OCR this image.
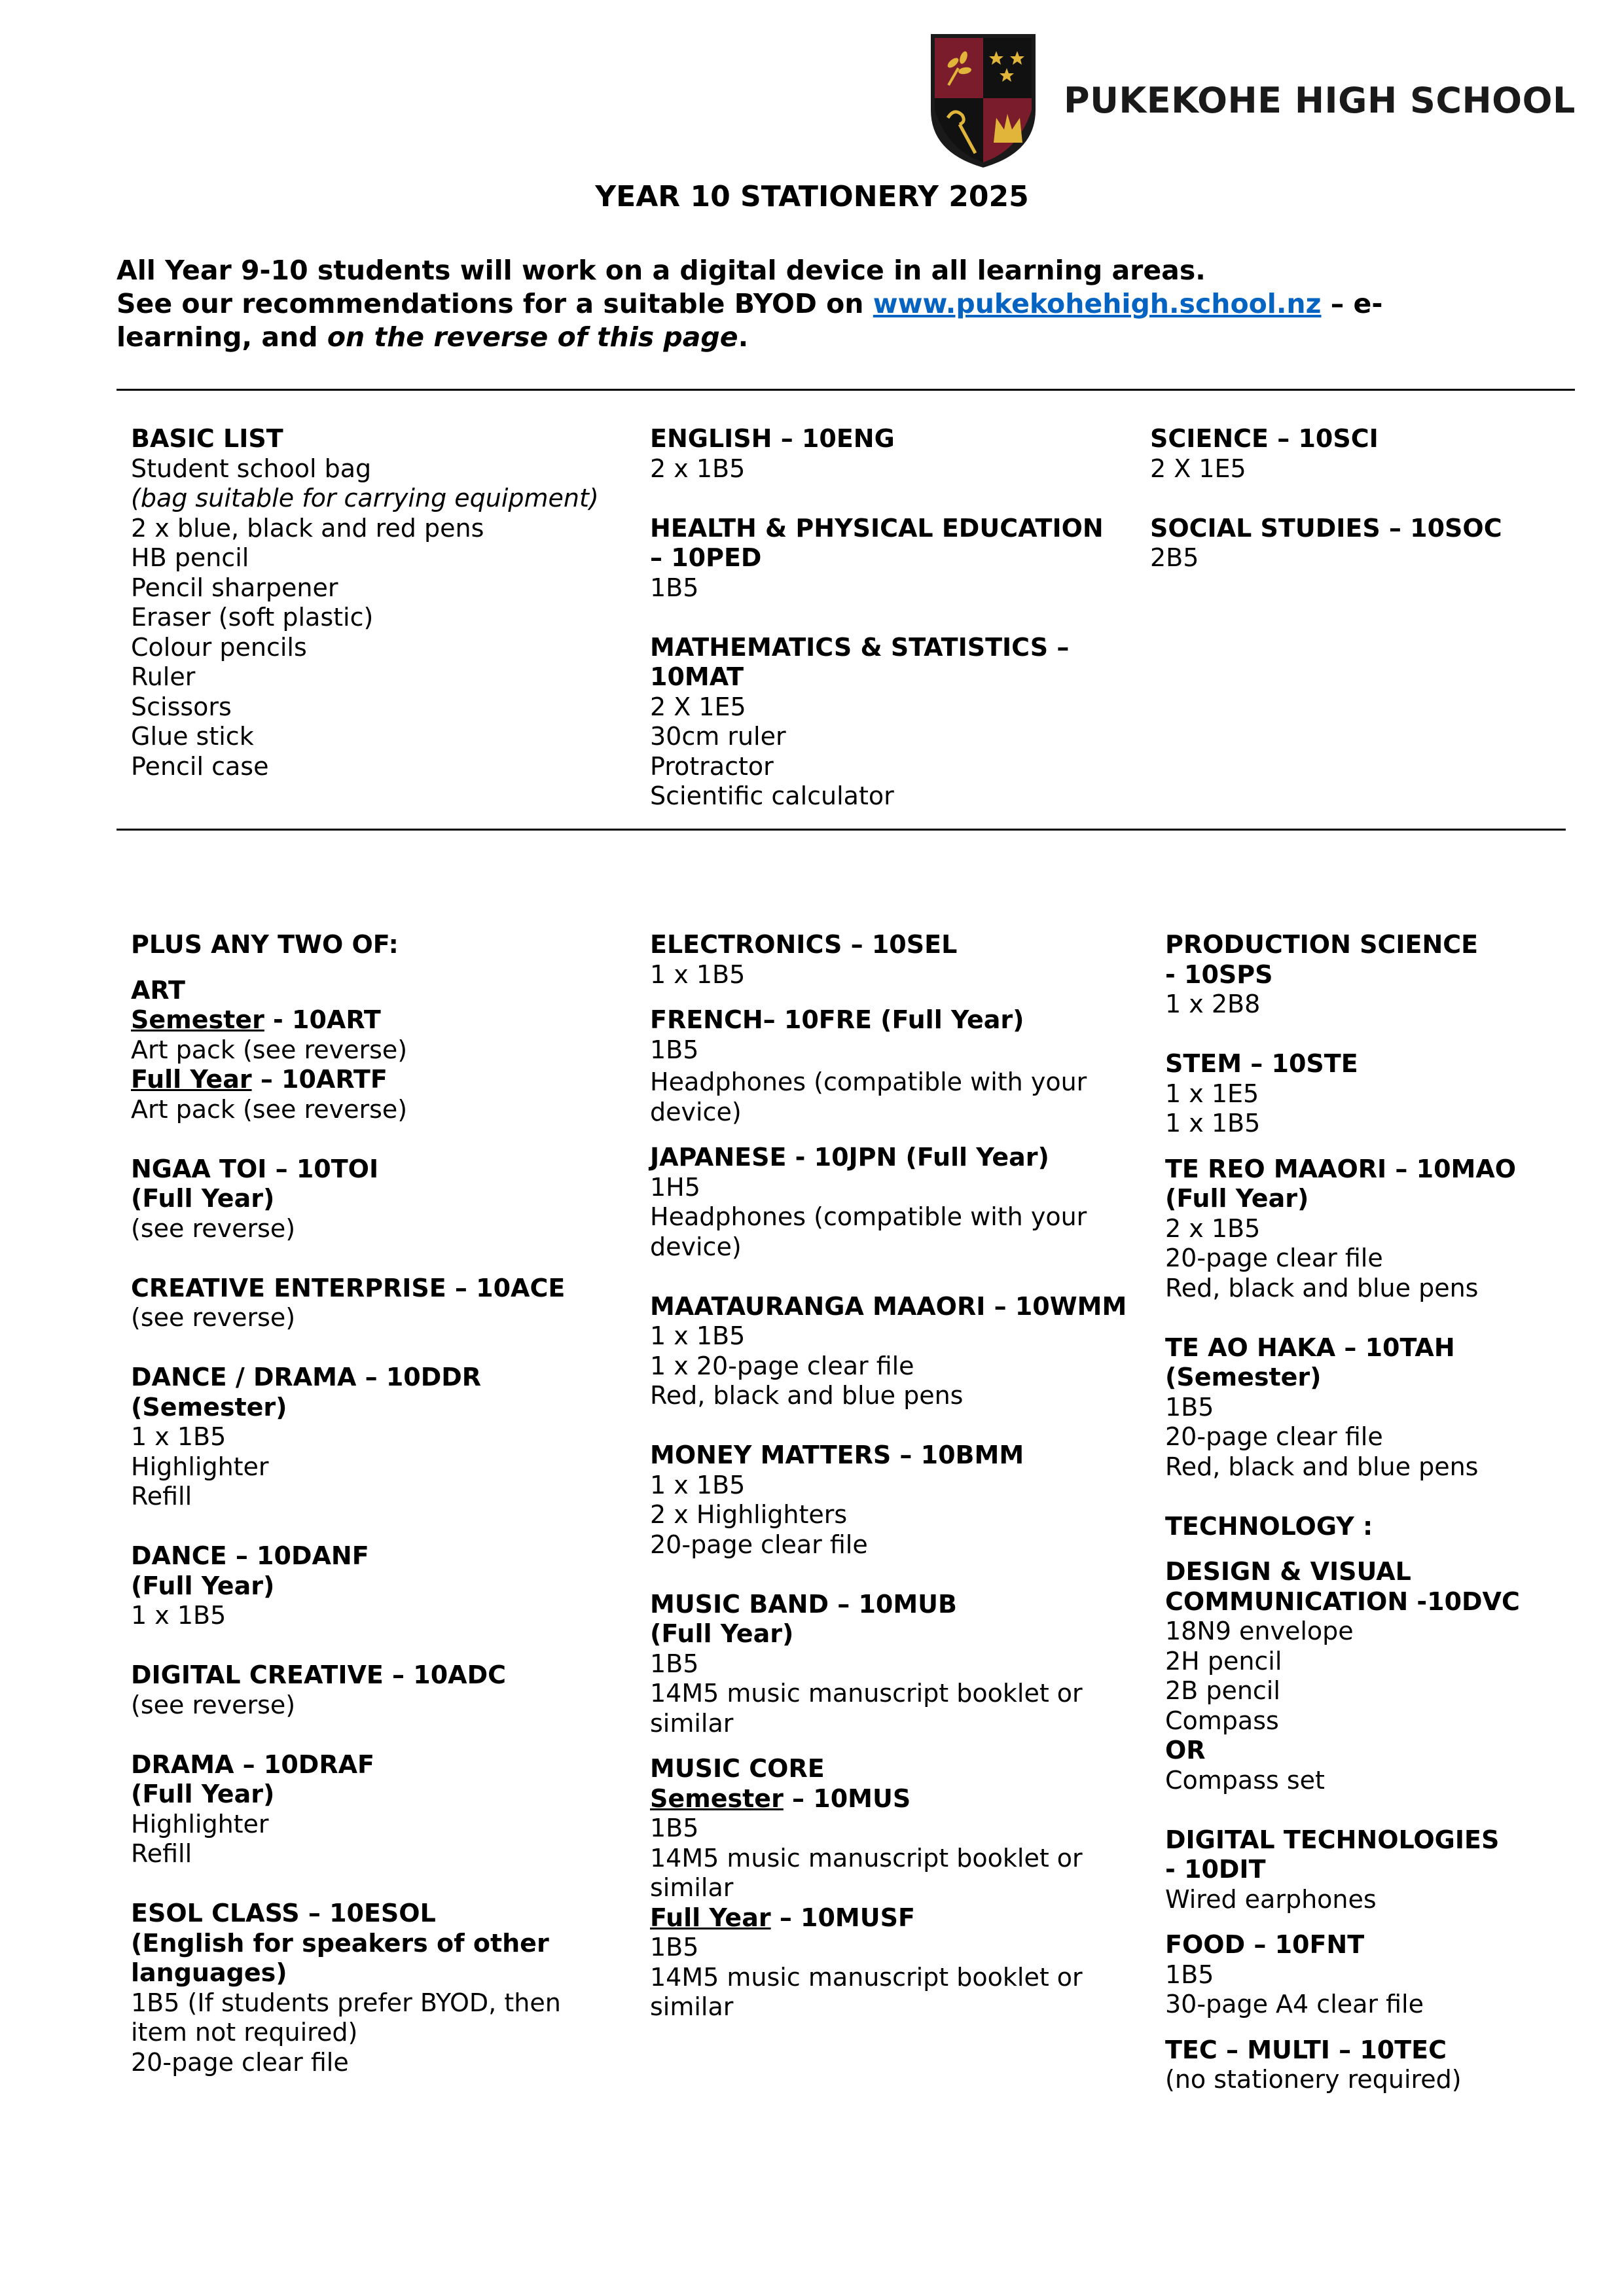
PUKEKOHE HIGH SCHOOL
YEAR 10 STATIONERY 2025
All Year 9-10 students will work on a digital device in all learning areas.
See our recommendations for a suitable BYOD on www.pukekohehigh.school.nz – e-
learning, and on the reverse of this page.
BASIC LIST
Student school bag
(bag suitable for carrying equipment)
2 x blue, black and red pens
HB pencil
Pencil sharpener
Eraser (soft plastic)
Colour pencils
Ruler
Scissors
Glue stick
Pencil case
ENGLISH – 10ENG
2 x 1B5
HEALTH & PHYSICAL EDUCATION
– 10PED
1B5
MATHEMATICS & STATISTICS –
10MAT
2 X 1E5
30cm ruler
Protractor
Scientific calculator
SCIENCE – 10SCI
2 X 1E5
SOCIAL STUDIES – 10SOC
2B5
PLUS ANY TWO OF:
ART
Semester - 10ART
Art pack (see reverse)
Full Year – 10ARTF
Art pack (see reverse)
NGAA TOI – 10TOI
(Full Year)
(see reverse)
CREATIVE ENTERPRISE – 10ACE
(see reverse)
DANCE / DRAMA – 10DDR
(Semester)
1 x 1B5
Highlighter
Refill
DANCE – 10DANF
(Full Year)
1 x 1B5
DIGITAL CREATIVE – 10ADC
(see reverse)
DRAMA – 10DRAF
(Full Year)
Highlighter
Refill
ESOL CLASS – 10ESOL
(English for speakers of other
languages)
1B5 (If students prefer BYOD, then
item not required)
20-page clear file
ELECTRONICS – 10SEL
1 x 1B5
FRENCH– 10FRE (Full Year)
1B5
Headphones (compatible with your
device)
JAPANESE - 10JPN (Full Year)
1H5
Headphones (compatible with your
device)
MAATAURANGA MAAORI – 10WMM
1 x 1B5
1 x 20-page clear file
Red, black and blue pens
MONEY MATTERS – 10BMM
1 x 1B5
2 x Highlighters
20-page clear file
MUSIC BAND – 10MUB
(Full Year)
1B5
14M5 music manuscript booklet or
similar
MUSIC CORE
Semester – 10MUS
1B5
14M5 music manuscript booklet or
similar
Full Year – 10MUSF
1B5
14M5 music manuscript booklet or
similar
PRODUCTION SCIENCE
- 10SPS
1 x 2B8
STEM – 10STE
1 x 1E5
1 x 1B5
TE REO MAAORI – 10MAO
(Full Year)
2 x 1B5
20-page clear file
Red, black and blue pens
TE AO HAKA – 10TAH
(Semester)
1B5
20-page clear file
Red, black and blue pens
TECHNOLOGY :
DESIGN & VISUAL
COMMUNICATION -10DVC
18N9 envelope
2H pencil
2B pencil
Compass
OR
Compass set
DIGITAL TECHNOLOGIES
- 10DIT
Wired earphones
FOOD – 10FNT
1B5
30-page A4 clear file
TEC – MULTI – 10TEC
(no stationery required)
